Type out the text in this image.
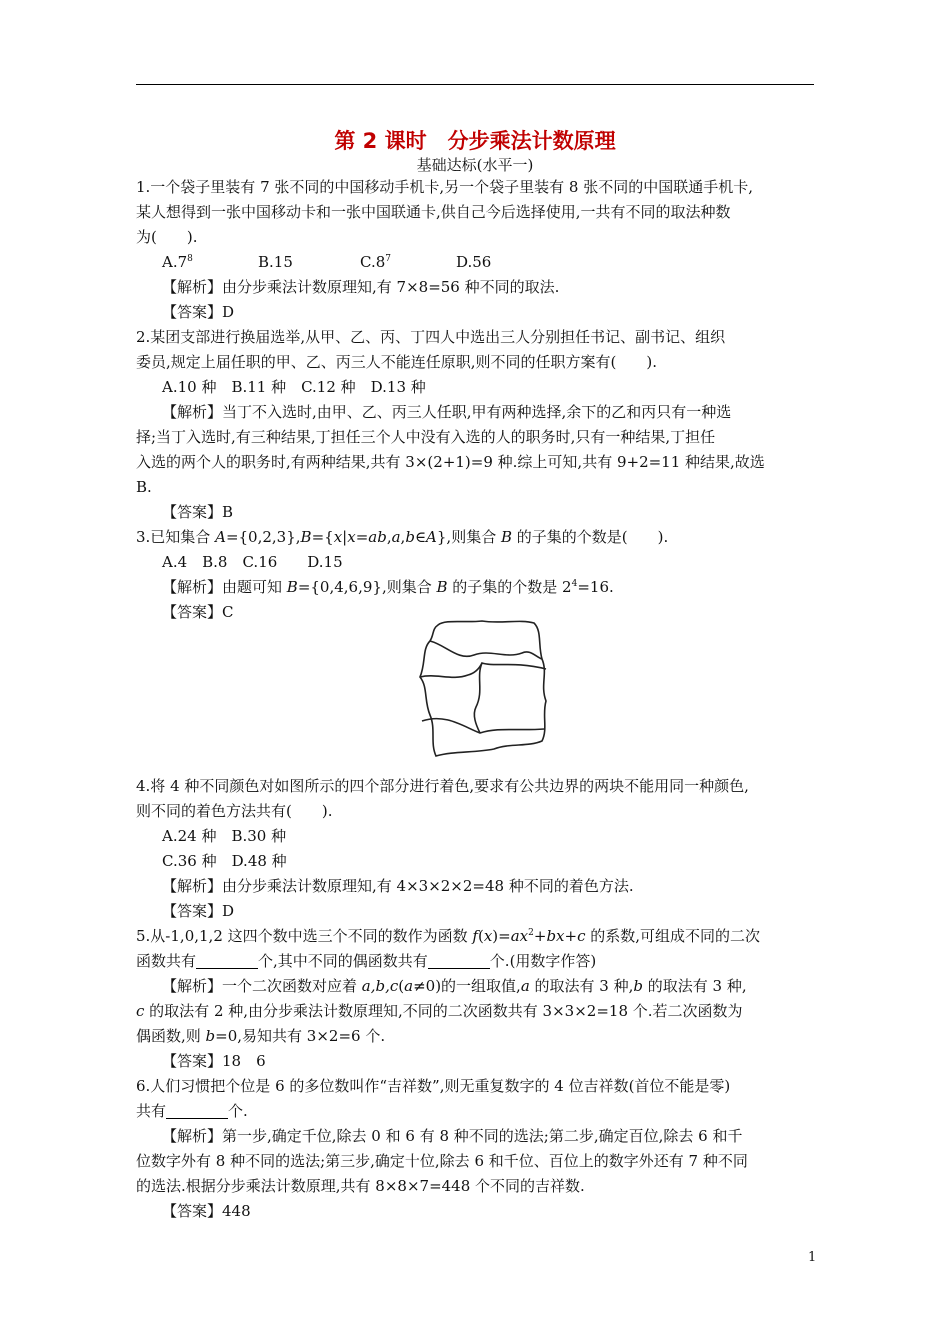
第 2 课时　分步乘法计数原理
基础达标(水平一)
1.一个袋子里装有 7 张不同的中国移动手机卡,另一个袋子里装有 8 张不同的中国联通手机卡,
某人想得到一张中国移动卡和一张中国联通卡,供自己今后选择使用,一共有不同的取法种数
为(　　).
$A.7^8$	B.15	$C.8^7$	D.56
【解析】由分步乘法计数原理知,有 7×8=56 种不同的取法.
【答案】D
2.某团支部进行换届选举,从甲、乙、丙、丁四人中选出三人分别担任书记、副书记、组织
委员,规定上届任职的甲、乙、丙三人不能连任原职,则不同的任职方案有(　　).
A.10 种　B.11 种　C.12 种　D.13 种
【解析】当丁不入选时,由甲、乙、丙三人任职,甲有两种选择,余下的乙和丙只有一种选
择;当丁入选时,有三种结果,丁担任三个人中没有入选的人的职务时,只有一种结果,丁担任
入选的两个人的职务时,有两种结果,共有 3×(2+1)=9 种.综上可知,共有 9+2=11 种结果,故选
B.
【答案】B
3.已知集合 A={0,2,3},B={x|x=ab,a,b∈A},则集合 B 的子集的个数是(　　).
A.4　B.8　C.16　　D.15
【解析】由题可知 B={0,4,6,9},则集合 B 的子集的个数是 $2^4=16$.
【答案】C
4.将 4 种不同颜色对如图所示的四个部分进行着色,要求有公共边界的两块不能用同一种颜色,
则不同的着色方法共有(　　).
A.24 种　B.30 种
C.36 种　D.48 种
【解析】由分步乘法计数原理知,有 4×3×2×2=48 种不同的着色方法.
【答案】D
5.从-1,0,1,2 这四个数中选三个不同的数作为函数 $f(x)=ax^2+bx+c$ 的系数,可组成不同的二次
函数共有	个,其中不同的偶函数共有	个.(用数字作答)
【解析】一个二次函数对应着 a,b,c(a≠0)的一组取值,a 的取法有 3 种,b 的取法有 3 种,
c 的取法有 2 种,由分步乘法计数原理知,不同的二次函数共有 3×3×2=18 个.若二次函数为
偶函数,则 b=0,易知共有 3×2=6 个.
【答案】18　6
6.人们习惯把个位是 6 的多位数叫作“吉祥数”,则无重复数字的 4 位吉祥数(首位不能是零)
共有	个.
【解析】第一步,确定千位,除去 0 和 6 有 8 种不同的选法;第二步,确定百位,除去 6 和千
位数字外有 8 种不同的选法;第三步,确定十位,除去 6 和千位、百位上的数字外还有 7 种不同
的选法.根据分步乘法计数原理,共有 8×8×7=448 个不同的吉祥数.
【答案】448
1
